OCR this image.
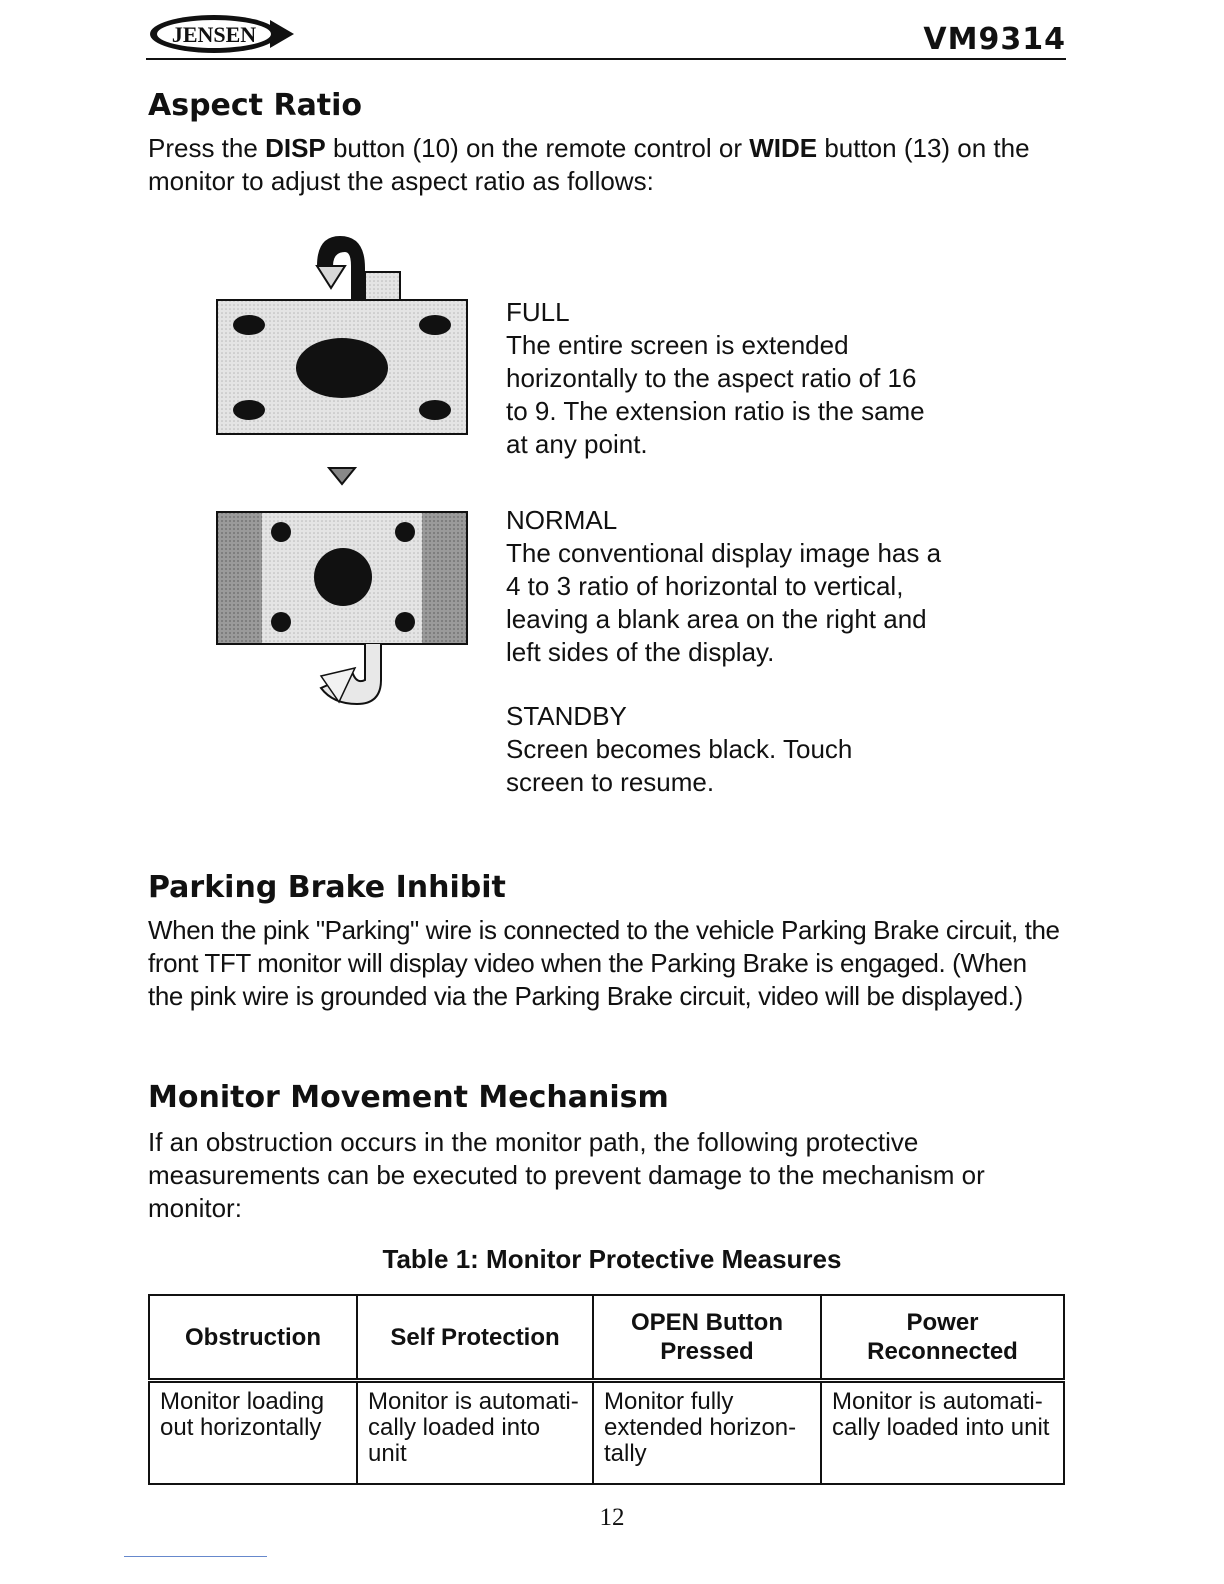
JENSEN	VM9314
Aspect Ratio

Press the DISP button (10) on the remote control or WIDE button (13) on the monitor to adjust the aspect ratio as follows:

FULL
The entire screen is extended horizontally to the aspect ratio of 16 to 9. The extension ratio is the same at any point.
NORMAL
The conventional display image has a 4 to 3 ratio of horizontal to vertical, leaving a blank area on the right and left sides of the display.
STANDBY
Screen becomes black. Touch screen to resume.
Parking Brake Inhibit

When the pink "Parking" wire is connected to the vehicle Parking Brake circuit, the front TFT monitor will display video when the Parking Brake is engaged. (When the pink wire is grounded via the Parking Brake circuit, video will be displayed.)

Monitor Movement Mechanism

If an obstruction occurs in the monitor path, the following protective measurements can be executed to prevent damage to the mechanism or monitor:

Table 1: Monitor Protective Measures
Obstruction	Self Protection	OPEN Button Pressed	Power Reconnected
Monitor loading out horizontally	Monitor is automati-cally loaded into unit	Monitor fully extended horizon-tally	Monitor is automati-cally loaded into unit
12
